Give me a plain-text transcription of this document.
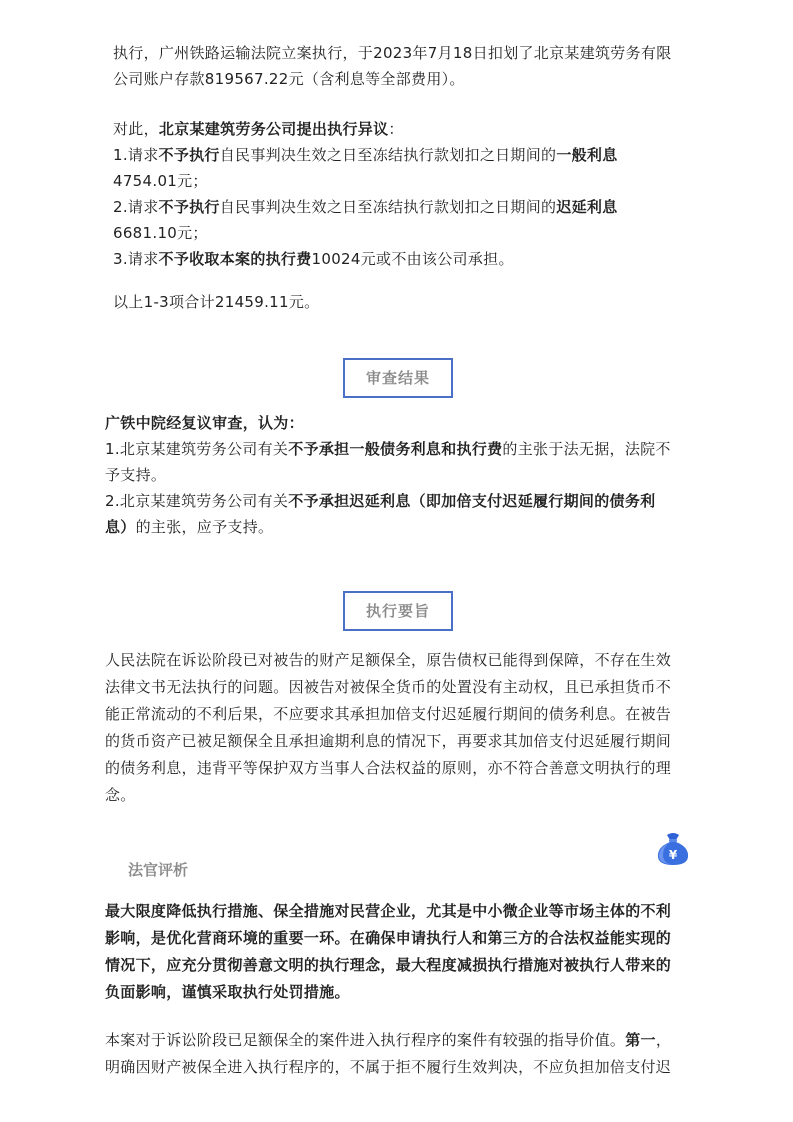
执行，广州铁路运输法院立案执行，于2023年7月18日扣划了北京某建筑劳务有限
公司账户存款819567.22元（含利息等全部费用）。

对此，北京某建筑劳务公司提出执行异议：
1.请求不予执行自民事判决生效之日至冻结执行款划扣之日期间的一般利息
4754.01元；
2.请求不予执行自民事判决生效之日至冻结执行款划扣之日期间的迟延利息
6681.10元；
3.请求不予收取本案的执行费10024元或不由该公司承担。

以上1-3项合计21459.11元。

审查结果

广铁中院经复议审查，认为：
1.北京某建筑劳务公司有关不予承担一般债务利息和执行费的主张于法无据，法院不
予支持。
2.北京某建筑劳务公司有关不予承担迟延利息（即加倍支付迟延履行期间的债务利
息）的主张，应予支持。

执行要旨

人民法院在诉讼阶段已对被告的财产足额保全，原告债权已能得到保障，不存在生效
法律文书无法执行的问题。因被告对被保全货币的处置没有主动权，且已承担货币不
能正常流动的不利后果，不应要求其承担加倍支付迟延履行期间的债务利息。在被告
的货币资产已被足额保全且承担逾期利息的情况下，再要求其加倍支付迟延履行期间
的债务利息，违背平等保护双方当事人合法权益的原则，亦不符合善意文明执行的理
念。

¥
法官评析

最大限度降低执行措施、保全措施对民营企业，尤其是中小微企业等市场主体的不利
影响，是优化营商环境的重要一环。在确保申请执行人和第三方的合法权益能实现的
情况下，应充分贯彻善意文明的执行理念，最大程度减损执行措施对被执行人带来的
负面影响，谨慎采取执行处罚措施。

本案对于诉讼阶段已足额保全的案件进入执行程序的案件有较强的指导价值。第一，
明确因财产被保全进入执行程序的，不属于拒不履行生效判决，不应负担加倍支付迟
